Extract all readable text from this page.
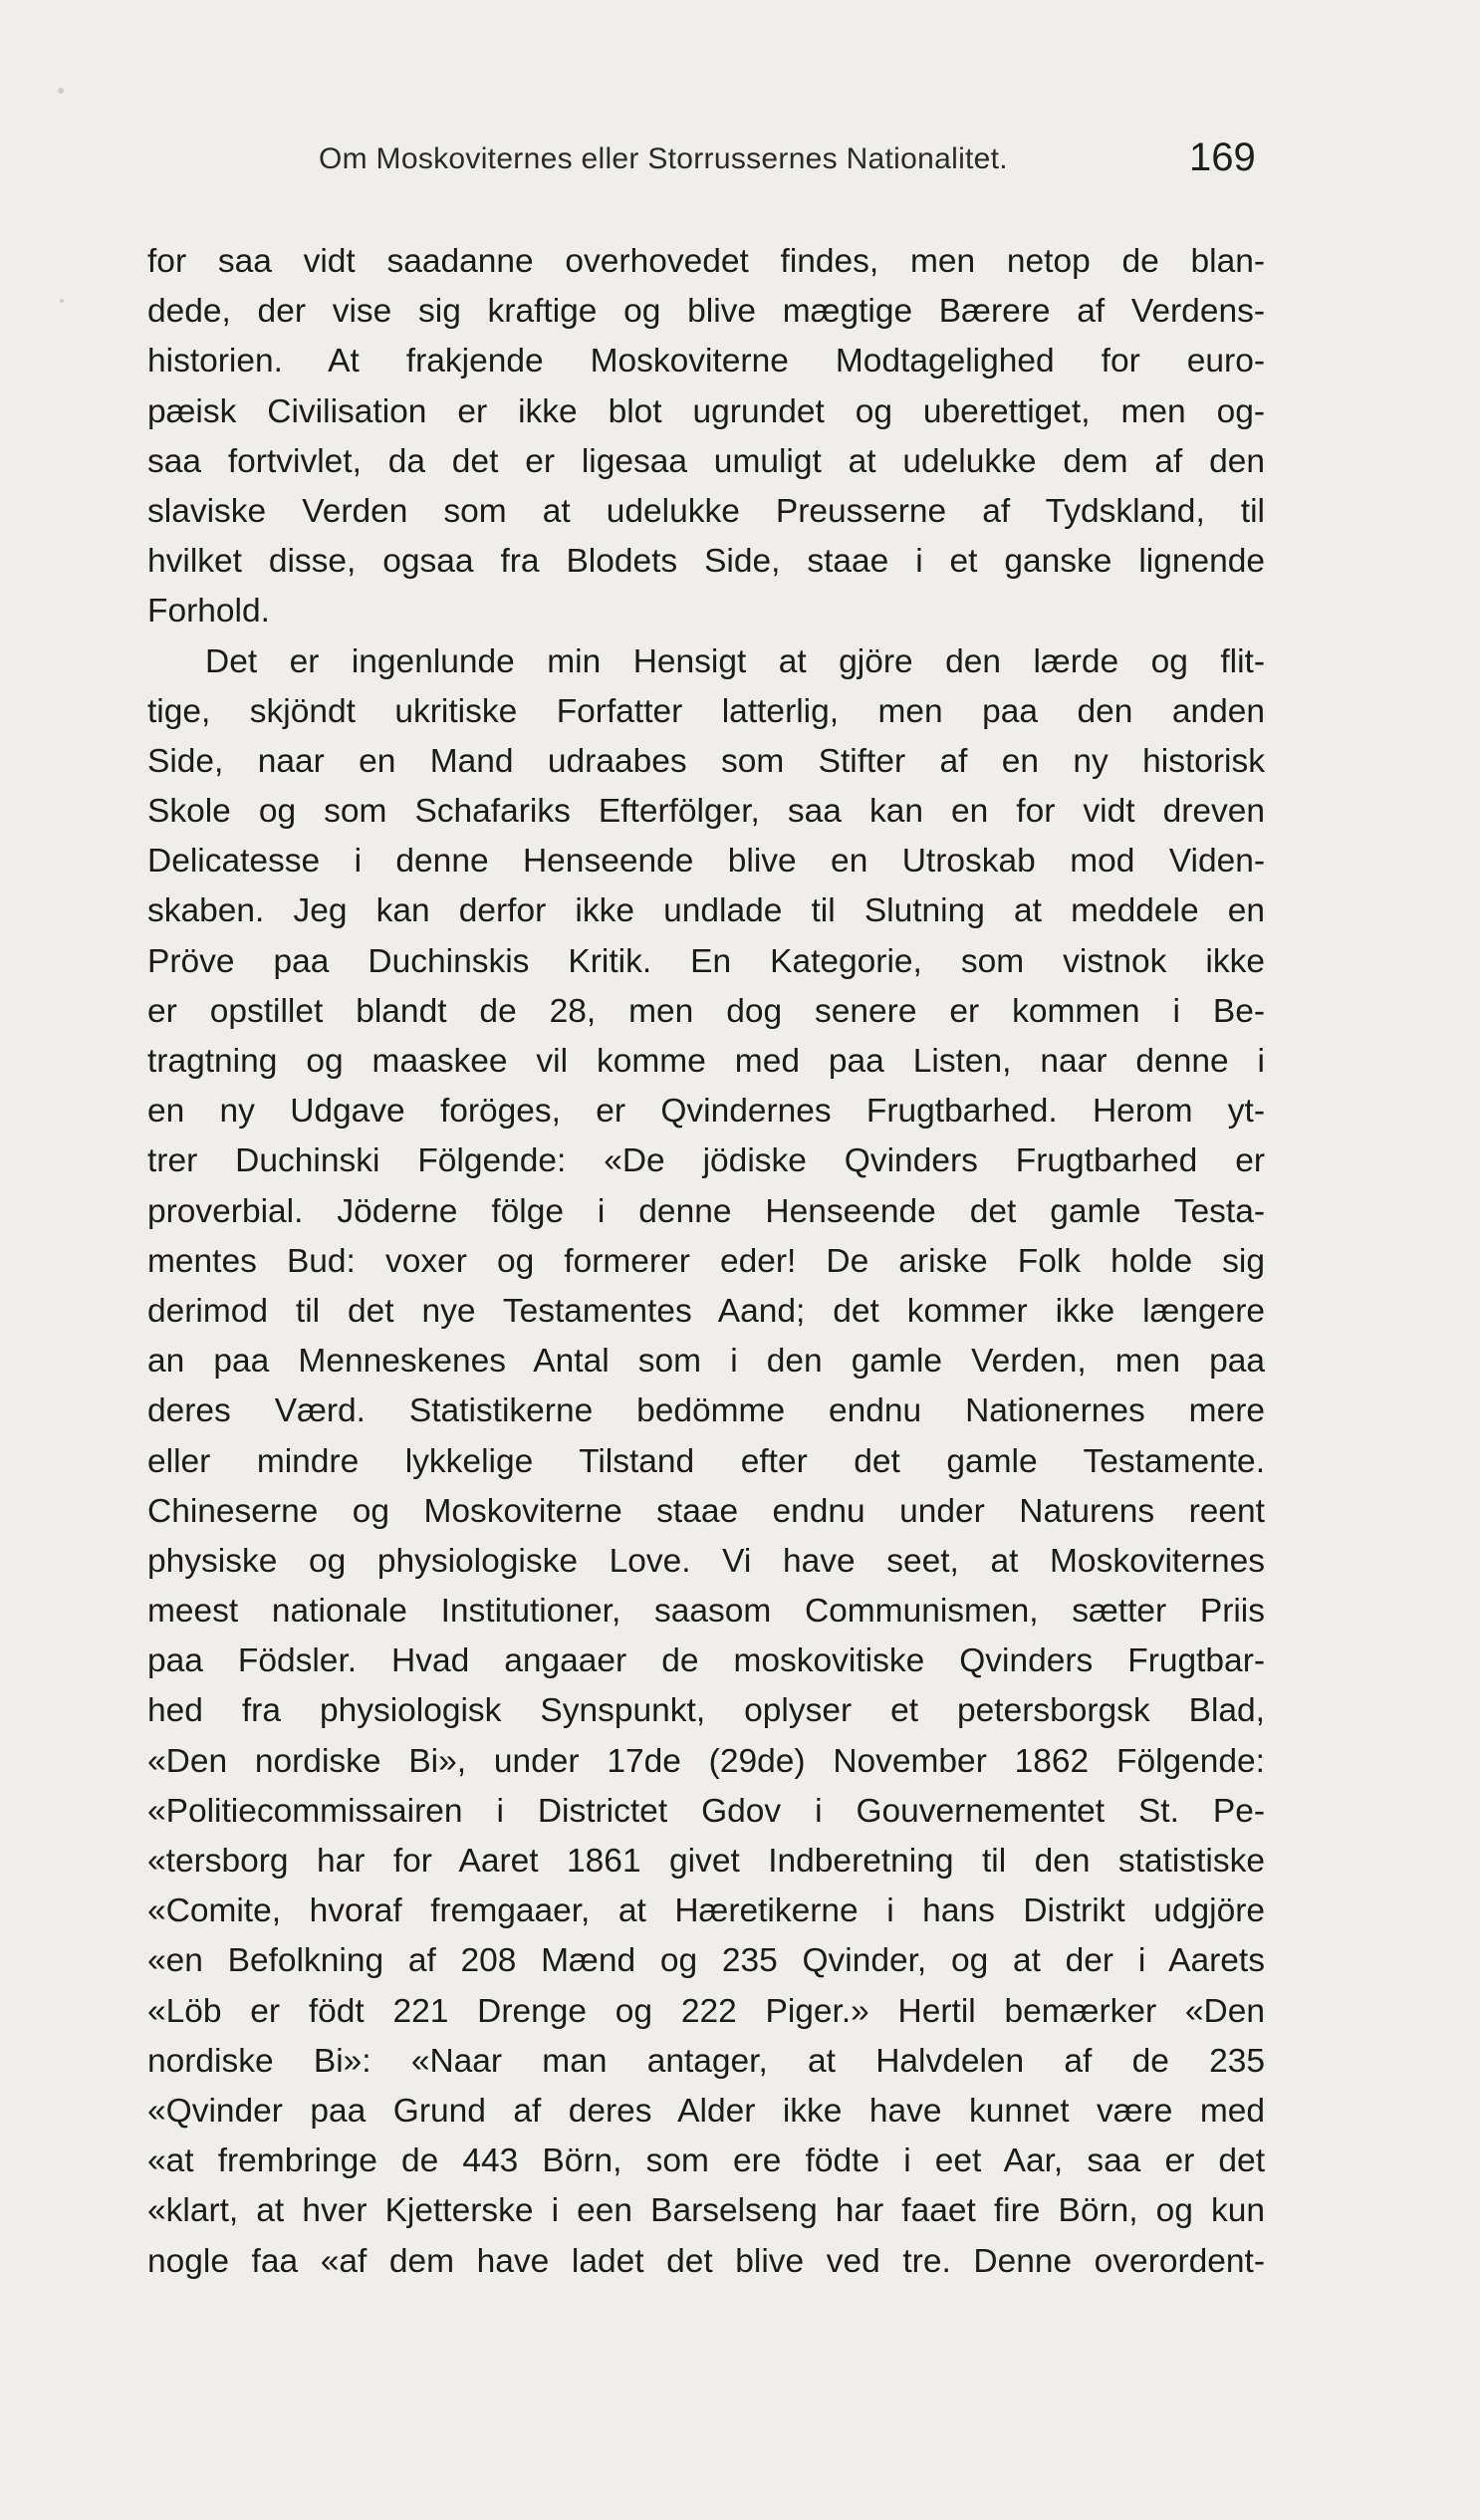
Om Moskoviternes eller Storrussernes Nationalitet.	169
for saa vidt saadanne overhovedet findes, men netop de blan-
dede, der vise sig kraftige og blive mægtige Bærere af Verdens-
historien. At frakjende Moskoviterne Modtagelighed for euro-
pæisk Civilisation er ikke blot ugrundet og uberettiget, men og-
saa fortvivlet, da det er ligesaa umuligt at udelukke dem af den
slaviske Verden som at udelukke Preusserne af Tydskland, til
hvilket disse, ogsaa fra Blodets Side, staae i et ganske lignende
Forhold.
Det er ingenlunde min Hensigt at gjöre den lærde og flit-
tige, skjöndt ukritiske Forfatter latterlig, men paa den anden
Side, naar en Mand udraabes som Stifter af en ny historisk
Skole og som Schafariks Efterfölger, saa kan en for vidt dreven
Delicatesse i denne Henseende blive en Utroskab mod Viden-
skaben. Jeg kan derfor ikke undlade til Slutning at meddele en
Pröve paa Duchinskis Kritik. En Kategorie, som vistnok ikke
er opstillet blandt de 28, men dog senere er kommen i Be-
tragtning og maaskee vil komme med paa Listen, naar denne i
en ny Udgave foröges, er Qvindernes Frugtbarhed. Herom yt-
trer Duchinski Fölgende: «De jödiske Qvinders Frugtbarhed er
proverbial. Jöderne fölge i denne Henseende det gamle Testa-
mentes Bud: voxer og formerer eder! De ariske Folk holde sig
derimod til det nye Testamentes Aand; det kommer ikke længere
an paa Menneskenes Antal som i den gamle Verden, men paa
deres Værd. Statistikerne bedömme endnu Nationernes mere
eller mindre lykkelige Tilstand efter det gamle Testamente.
Chineserne og Moskoviterne staae endnu under Naturens reent
physiske og physiologiske Love. Vi have seet, at Moskoviternes
meest nationale Institutioner, saasom Communismen, sætter Priis
paa Födsler. Hvad angaaer de moskovitiske Qvinders Frugtbar-
hed fra physiologisk Synspunkt, oplyser et petersborgsk Blad,
«Den nordiske Bi», under 17de (29de) November 1862 Fölgende:
«Politiecommissairen i Districtet Gdov i Gouvernementet St. Pe-
«tersborg har for Aaret 1861 givet Indberetning til den statistiske
«Comite, hvoraf fremgaaer, at Hæretikerne i hans Distrikt udgjöre
«en Befolkning af 208 Mænd og 235 Qvinder, og at der i Aarets
«Löb er födt 221 Drenge og 222 Piger.» Hertil bemærker «Den
nordiske Bi»: «Naar man antager, at Halvdelen af de 235
«Qvinder paa Grund af deres Alder ikke have kunnet være med
«at frembringe de 443 Börn, som ere födte i eet Aar, saa er det
«klart, at hver Kjetterske i een Barselseng har faaet fire Börn, og kun
nogle faa «af dem have ladet det blive ved tre. Denne overordent-
